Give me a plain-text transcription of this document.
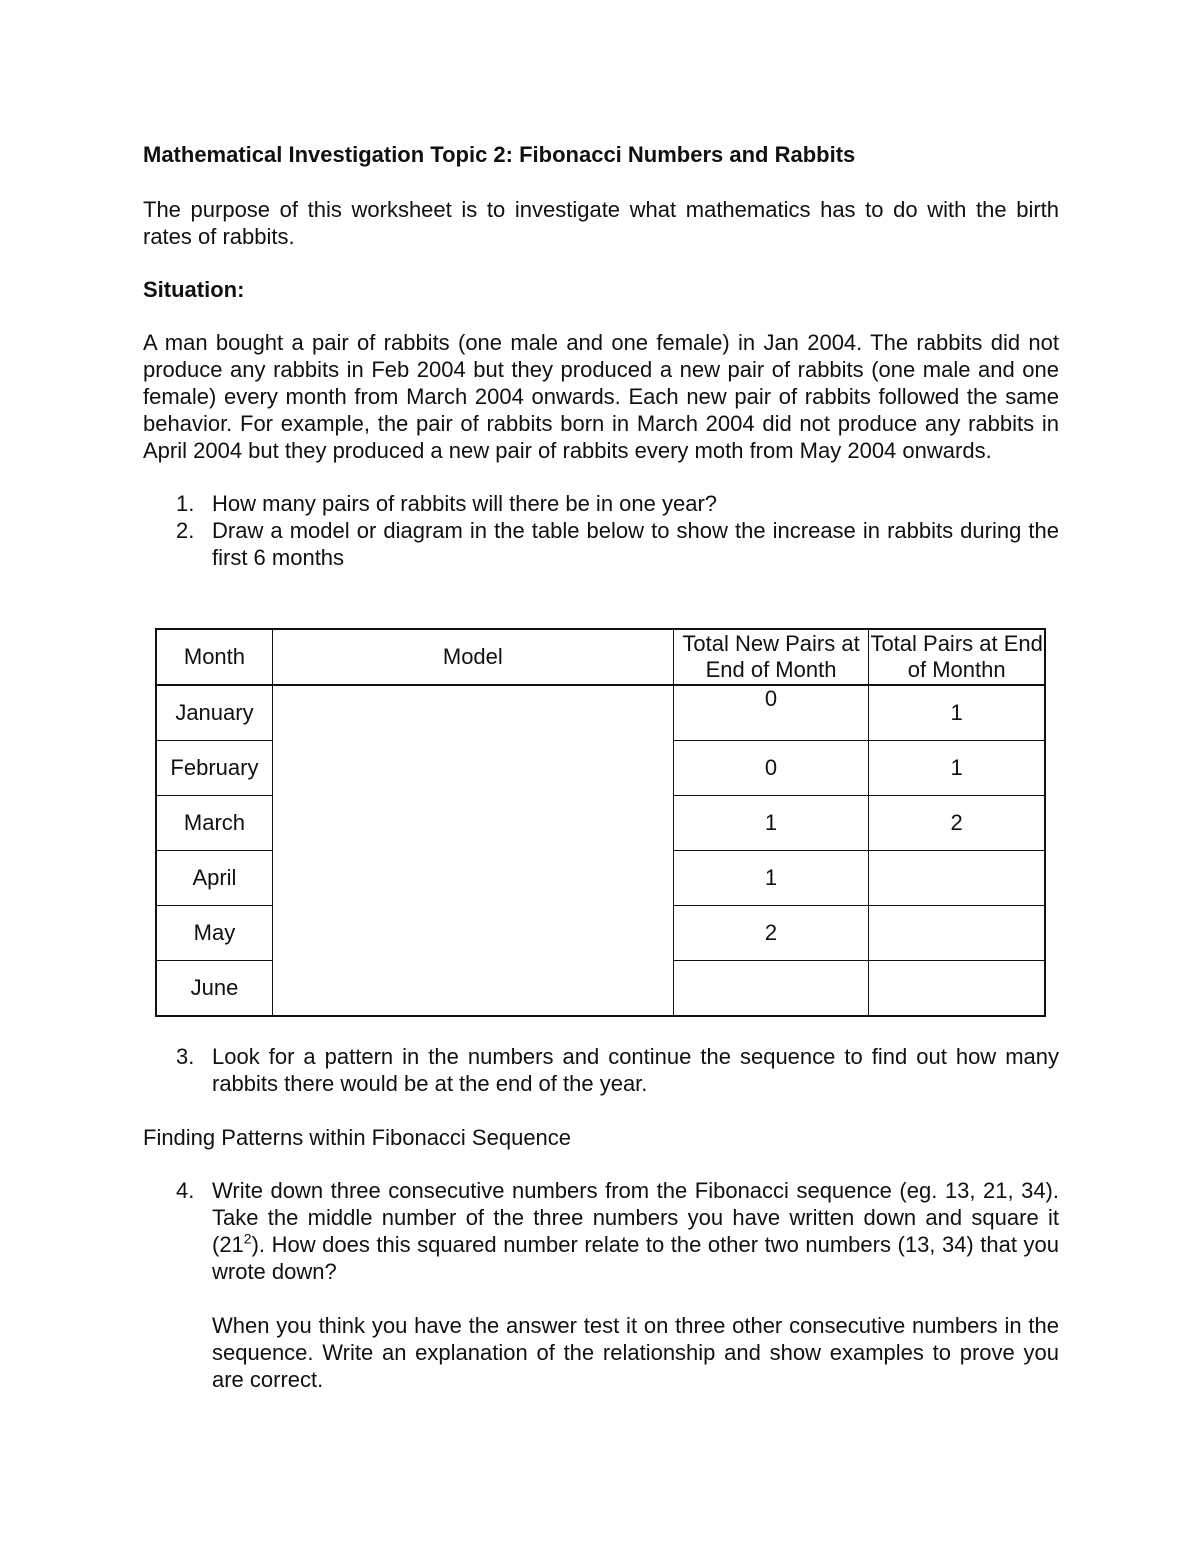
Mathematical Investigation Topic 2: Fibonacci Numbers and Rabbits

The purpose of this worksheet is to investigate what mathematics has to do with the birth rates of rabbits.

Situation:

A man bought a pair of rabbits (one male and one female) in Jan 2004. The rabbits did not produce any rabbits in Feb 2004 but they produced a new pair of rabbits (one male and one female) every month from March 2004 onwards. Each new pair of rabbits followed the same behavior. For example, the pair of rabbits born in March 2004 did not produce any rabbits in April 2004 but they produced a new pair of rabbits every moth from May 2004 onwards.

1. How many pairs of rabbits will there be in one year?
2. Draw a model or diagram in the table below to show the increase in rabbits during the first 6 months
Month	Model	Total New Pairs at End of Month	Total Pairs at End of Monthn
January		0	1
February		0	1
March		1	2
April		1	
May		2	
June			
3. Look for a pattern in the numbers and continue the sequence to find out how many rabbits there would be at the end of the year.

Finding Patterns within Fibonacci Sequence

4. Write down three consecutive numbers from the Fibonacci sequence (eg. 13, 21, 34). Take the middle number of the three numbers you have written down and square it $(21^2)$. How does this squared number relate to the other two numbers (13, 34) that you wrote down?
When you think you have the answer test it on three other consecutive numbers in the sequence. Write an explanation of the relationship and show examples to prove you are correct.
